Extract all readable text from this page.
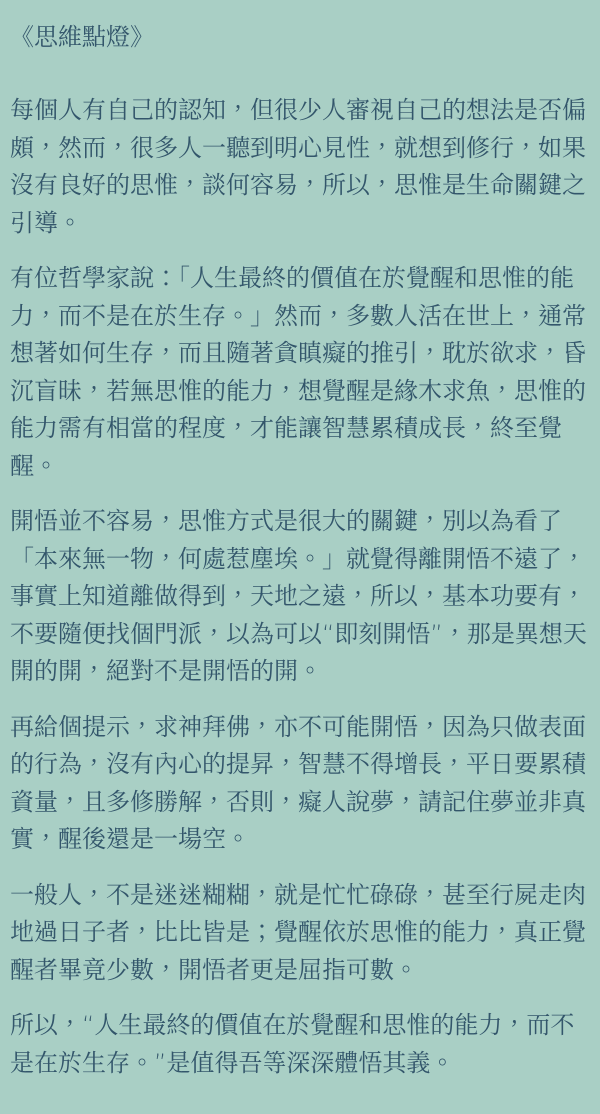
《思維點燈》

每個人有自己的認知，但很少人審視自己的想法是否偏頗，然而，很多人一聽到明心見性，就想到修行，如果沒有良好的思惟，談何容易，所以，思惟是生命關鍵之引導。

有位哲學家說：「人生最終的價值在於覺醒和思惟的能力，而不是在於生存。」然而，多數人活在世上，通常想著如何生存，而且隨著貪瞋癡的推引，耽於欲求，昏沉盲昧，若無思惟的能力，想覺醒是緣木求魚，思惟的能力需有相當的程度，才能讓智慧累積成長，終至覺醒。

開悟並不容易，思惟方式是很大的關鍵，別以為看了「本來無一物，何處惹塵埃。」就覺得離開悟不遠了，事實上知道離做得到，天地之遠，所以，基本功要有，不要隨便找個門派，以為可以“即刻開悟”，那是異想天開的開，絕對不是開悟的開。

再給個提示，求神拜佛，亦不可能開悟，因為只做表面的行為，沒有內心的提昇，智慧不得增長，平日要累積資量，且多修勝解，否則，癡人說夢，請記住夢並非真實，醒後還是一場空。

一般人，不是迷迷糊糊，就是忙忙碌碌，甚至行屍走肉地過日子者，比比皆是；覺醒依於思惟的能力，真正覺醒者畢竟少數，開悟者更是屈指可數。

所以，“人生最終的價值在於覺醒和思惟的能力，而不是在於生存。”是值得吾等深深體悟其義。
